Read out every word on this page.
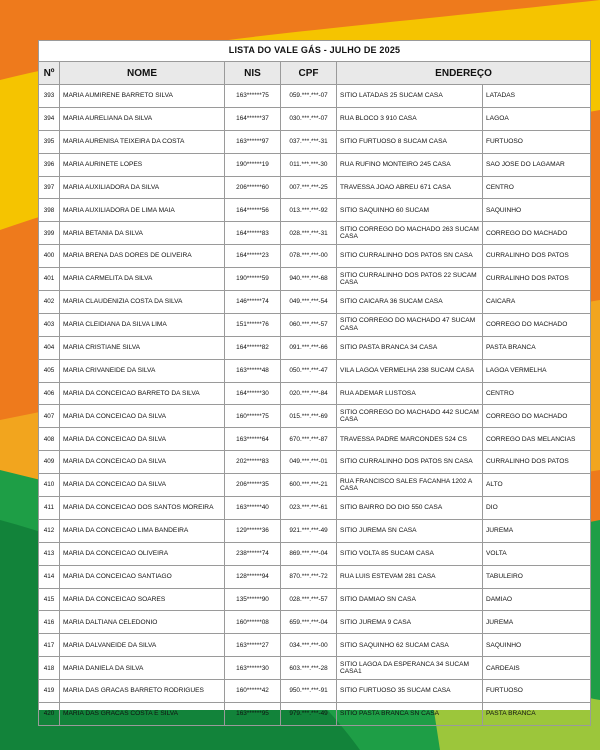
LISTA DO VALE GÁS - JULHO DE 2025					
Nº	NOME	NIS	CPF	ENDEREÇO	
393	MARIA AUMIRENE BARRETO SILVA	163******75	059.***.***-07	SITIO LATADAS 25 SUCAM CASA	LATADAS
394	MARIA AURELIANA DA SILVA	164******37	030.***.***-07	RUA BLOCO 3 910 CASA	LAGOA
395	MARIA AURENISA TEIXEIRA DA COSTA	163******97	037.***.***-31	SITIO FURTUOSO 8 SUCAM CASA	FURTUOSO
396	MARIA AURINETE LOPES	190******19	011.***.***-30	RUA RUFINO MONTEIRO 245 CASA	SAO JOSE DO LAGAMAR
397	MARIA AUXILIADORA DA SILVA	206******60	007.***.***-25	TRAVESSA JOAO ABREU 671 CASA	CENTRO
398	MARIA AUXILIADORA DE LIMA MAIA	164******56	013.***.***-92	SITIO SAQUINHO 60 SUCAM	SAQUINHO
399	MARIA BETANIA DA SILVA	164******83	028.***.***-31	SITIO CORREGO DO MACHADO 263 SUCAM CASA	CORREGO DO MACHADO
400	MARIA BRENA DAS DORES DE OLIVEIRA	164******23	078.***.***-00	SITIO CURRALINHO DOS PATOS SN CASA	CURRALINHO DOS PATOS
401	MARIA CARMELITA DA SILVA	190******59	940.***.***-68	SITIO CURRALINHO DOS PATOS 22 SUCAM CASA	CURRALINHO DOS PATOS
402	MARIA CLAUDENIZIA COSTA DA SILVA	146******74	049.***.***-54	SITIO CAICARA 36 SUCAM CASA	CAICARA
403	MARIA CLEIDIANA DA SILVA LIMA	151******76	060.***.***-57	SITIO CORREGO DO MACHADO 47 SUCAM CASA	CORREGO DO MACHADO
404	MARIA CRISTIANE SILVA	164******82	091.***.***-66	SITIO PASTA BRANCA 34 CASA	PASTA BRANCA
405	MARIA CRIVANEIDE DA SILVA	163******48	050.***.***-47	VILA LAGOA VERMELHA 238 SUCAM CASA	LAGOA VERMELHA
406	MARIA DA CONCEICAO BARRETO DA SILVA	164******30	020.***.***-84	RUA ADEMAR LUSTOSA	CENTRO
407	MARIA DA CONCEICAO DA SILVA	160******75	015.***.***-69	SITIO CORREGO DO MACHADO 442 SUCAM CASA	CORREGO DO MACHADO
408	MARIA DA CONCEICAO DA SILVA	163******64	670.***.***-87	TRAVESSA PADRE MARCONDES 524 CS	CORREGO DAS MELANCIAS
409	MARIA DA CONCEICAO DA SILVA	202******83	049.***.***-01	SITIO CURRALINHO DOS PATOS SN CASA	CURRALINHO DOS PATOS
410	MARIA DA CONCEICAO DA SILVA	206******35	600.***.***-21	RUA FRANCISCO SALES FACANHA 1202 A CASA	ALTO
411	MARIA DA CONCEICAO DOS SANTOS MOREIRA	163******40	023.***.***-61	SITIO BAIRRO DO DIO 550 CASA	DIO
412	MARIA DA CONCEICAO LIMA BANDEIRA	129******36	921.***.***-49	SITIO JUREMA SN CASA	JUREMA
413	MARIA DA CONCEICAO OLIVEIRA	238******74	869.***.***-04	SITIO VOLTA 85 SUCAM CASA	VOLTA
414	MARIA DA CONCEICAO SANTIAGO	128******94	870.***.***-72	RUA LUIS ESTEVAM 281 CASA	TABULEIRO
415	MARIA DA CONCEICAO SOARES	135******90	028.***.***-57	SITIO DAMIAO SN CASA	DAMIAO
416	MARIA DALTIANA CELEDONIO	160******08	659.***.***-04	SITIO JUREMA 9 CASA	JUREMA
417	MARIA DALVANEIDE DA SILVA	163******27	034.***.***-00	SITIO SAQUINHO 62 SUCAM CASA	SAQUINHO
418	MARIA DANIELA DA SILVA	163******30	603.***.***-28	SITIO LAGOA DA ESPERANCA 34 SUCAM CASA1	CARDEAIS
419	MARIA DAS GRACAS BARRETO RODRIGUES	160******42	950.***.***-91	SITIO FURTUOSO 35 SUCAM CASA	FURTUOSO
420	MARIA DAS GRACAS COSTA E SILVA	163******95	979.***.***-49	SITIO PASTA BRANCA SN CASA	PASTA BRANCA
